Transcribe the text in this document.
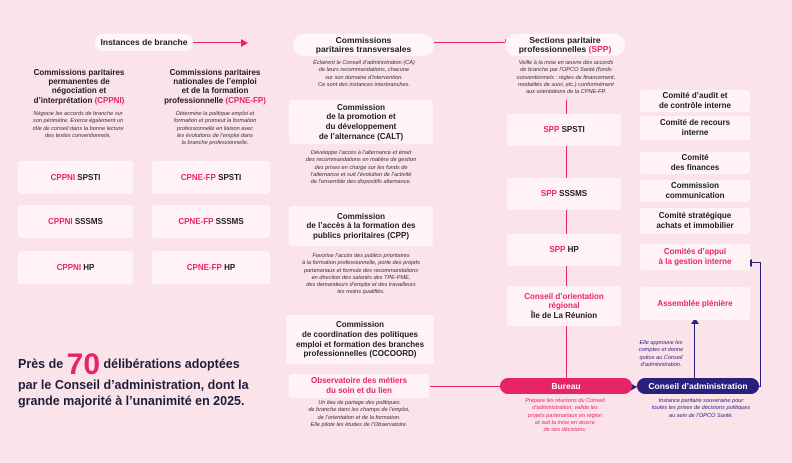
Instances de branche	Commissions
paritaires transversales
Sections paritaire
professionnelles (SPP)
Commissions paritaires
permanentes de
négociation et
d’interprétation (CPPNI)
Négocie les accords de branche sur
son périmètre. Exerce également un
rôle de conseil dans la bonne lecture
des textes conventionnels.
CPPNI
SPSTI
CPPNI
SSSMS
CPPNI
HP
Commissions paritaires
nationales de l’emploi
et de la formation
professionnelle (CPNE-FP)
Détermine la politique emploi et
formation et promeut la formation
professionnelle en liaison avec
les évolutions de l’emploi dans
la branche professionnelle.
CPNE-FP
SPSTI
CPNE-FP
SSSMS
CPNE-FP
HP
Éclairent le Conseil d’administration (CA)
de leurs recommandations, chacune
sur son domaine d’intervention.
Ce sont des instances interbranches.
Commission
de la promotion et
du développement
de l’alternance (CALT)
Développe l’accès à l’alternance et émet
des recommandations en matière de gestion
des prises en charge sur les fonds de
l’alternance et suit l’évolution de l’activité
de l’ensemble des dispositifs alternance.
Commission
de l’accès à la formation des
publics prioritaires (CPP)
Favorise l’accès des publics prioritaires
à la formation professionnelle, porte des projets
partenariaux et formule des recommandations
en direction des salariés des TPE-PME,
des demandeurs d’emploi et des travailleurs
les moins qualifiés.
Commission
de coordination des politiques
emploi et formation des branches
professionnelles (COCOORD)
Observatoire des métiers
du soin et du lien
Un lieu de partage des politiques
de branche dans les champs de l’emploi,
de l’orientation et de la formation.
Elle pilote les études de l’Observatoire.
Veille à la mise en œuvre des accords
de branche par l’OPCO Santé (fonds
conventionnels : règles de financement,
modalités de suivi, etc.) conformément
aux orientations de la CPNE-FP.
SPP
SPSTI
SPP
SSSMS
SPP
HP
Conseil d’orientation
régional
Île de La Réunion
Bureau
Prépare les réunions du Conseil
d’administration, valide les
projets partenariaux en région
et suit la mise en œuvre
de ses décisions.
Comité d’audit et
de contrôle interne
Comité de recours
interne
Comité
des finances
Commission
communication
Comité stratégique
achats et immobilier
Comités d’appui
à la gestion interne
Assemblée plénière
Elle approuve les
comptes et donne
quitus au Conseil
d’administration.
Conseil d’administration
Instance paritaire souveraine pour
toutes les prises de décisions politiques
au sein de l’OPCO Santé.
Près de 70 délibérations adoptées par le Conseil d’administration, dont la grande majorité à l’unanimité en 2025.
